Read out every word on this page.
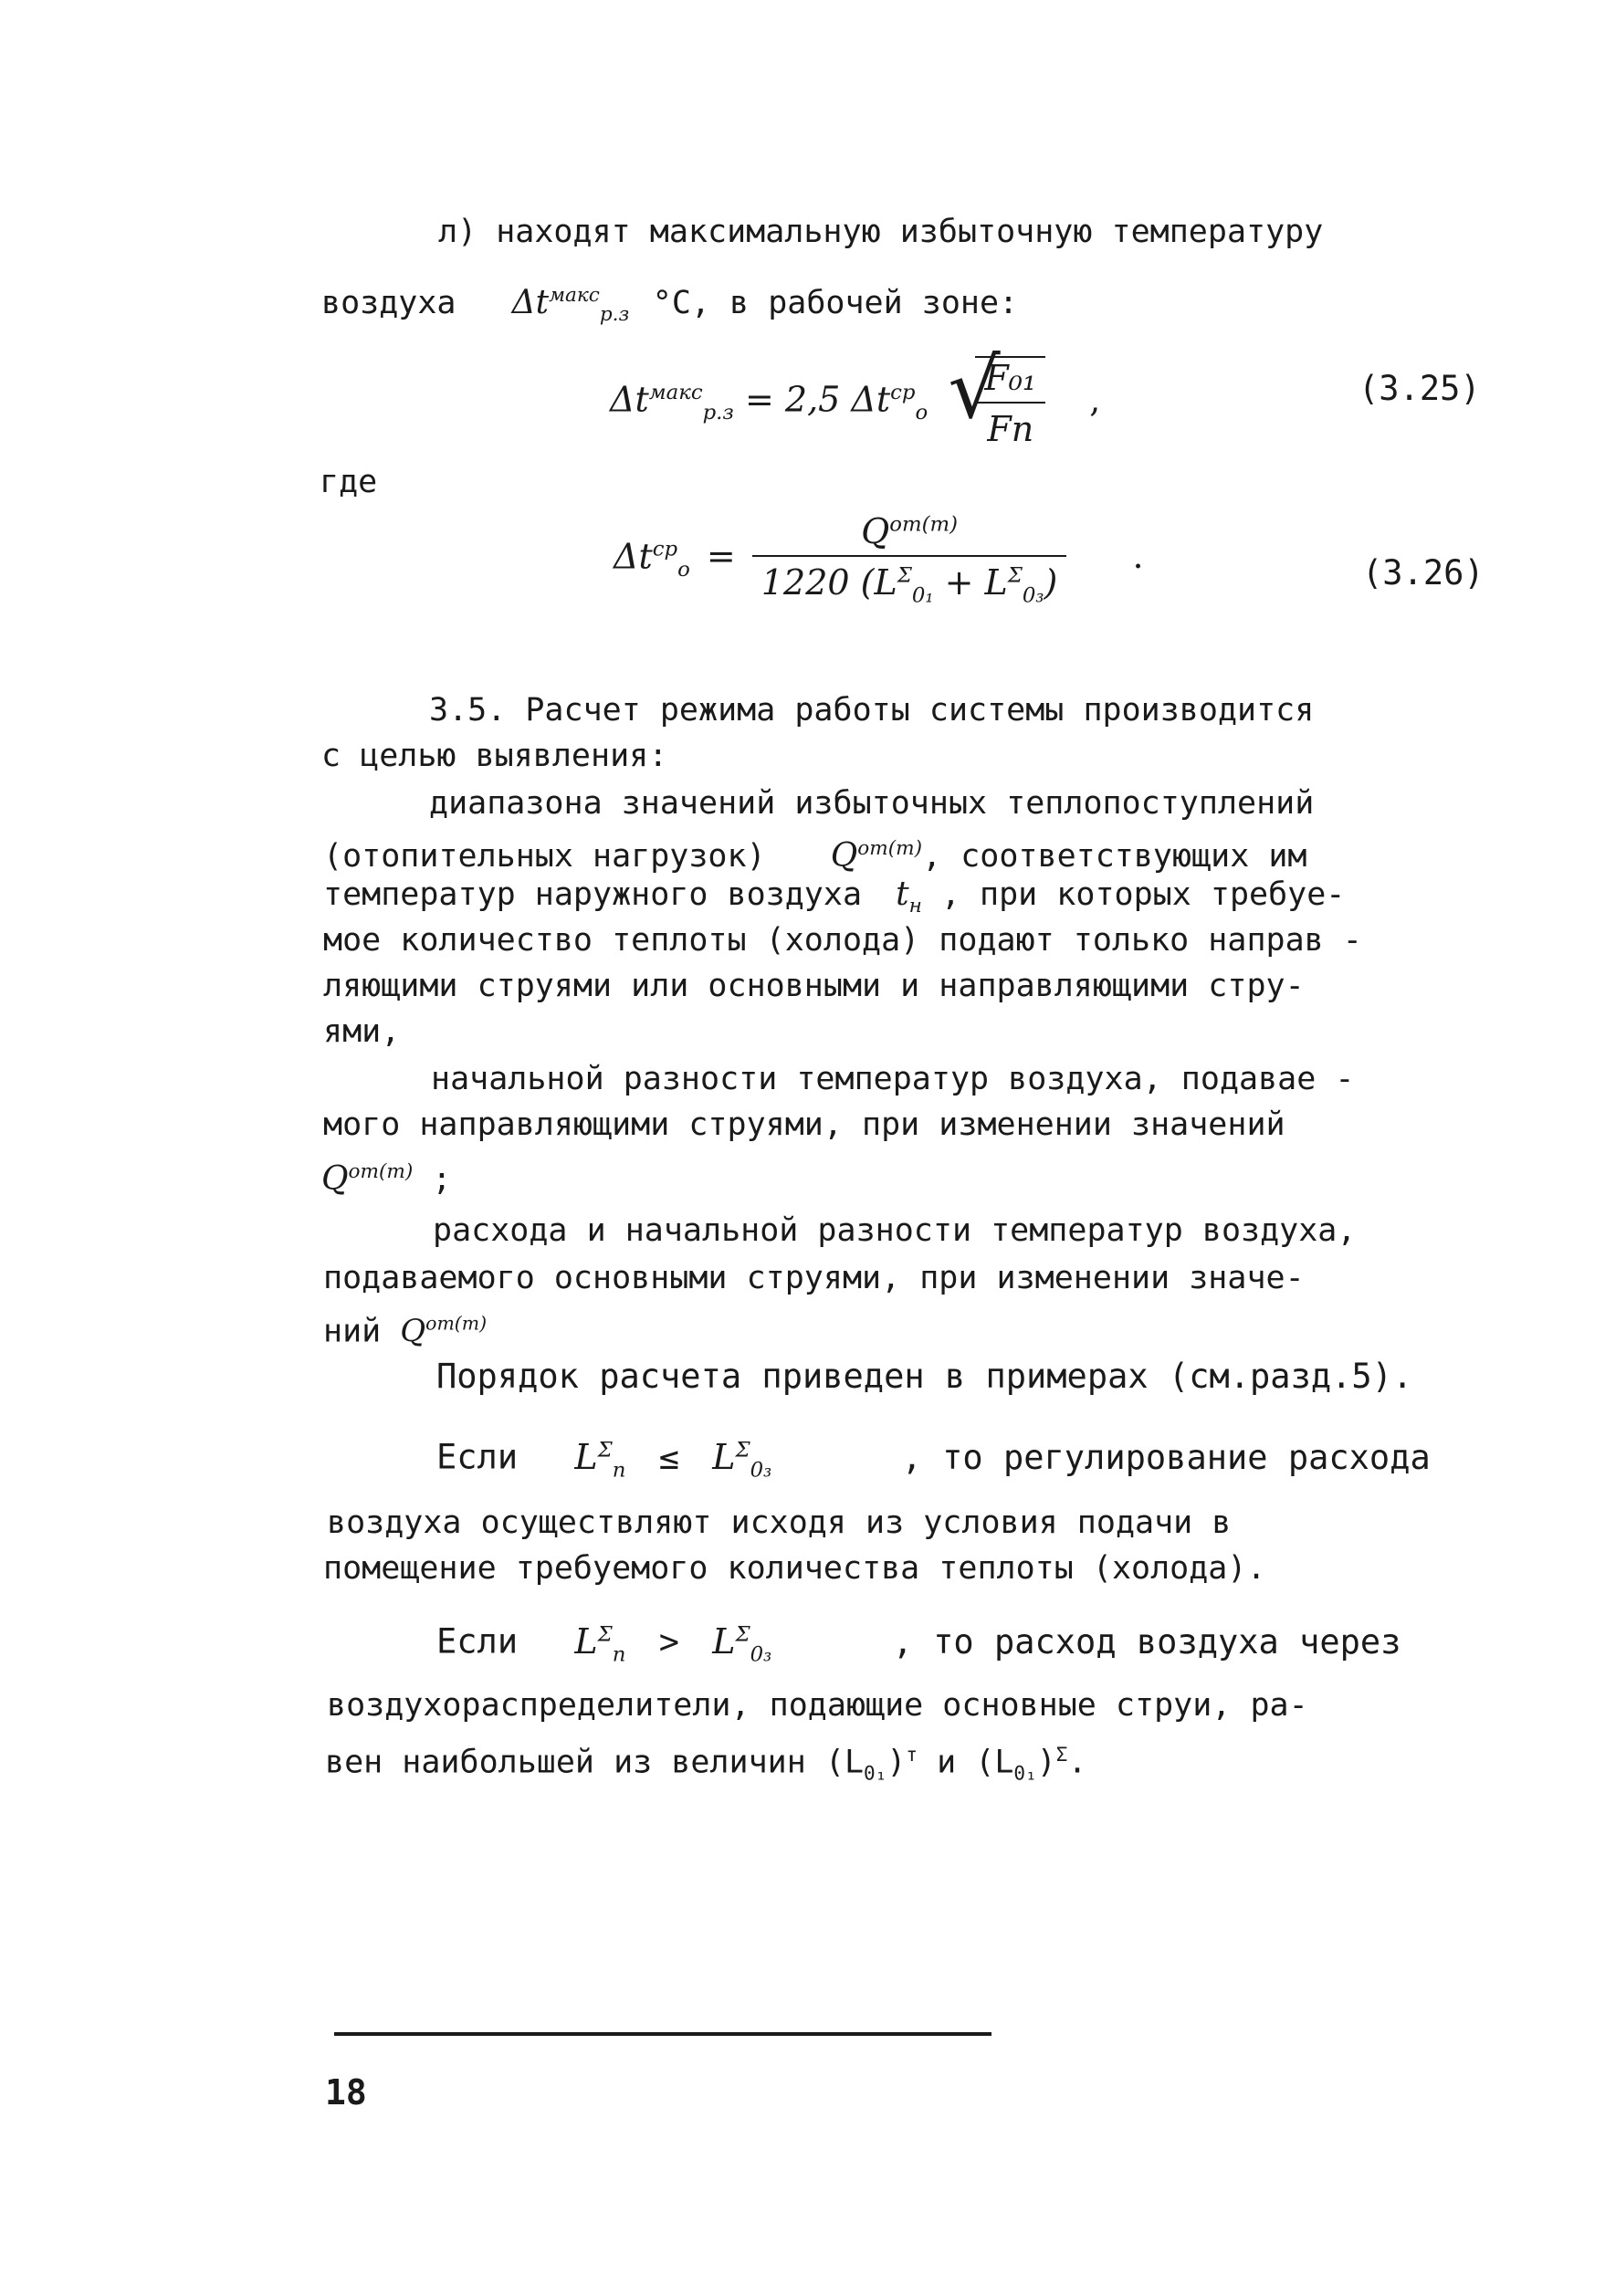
л) находят максимальную избыточную температуру
воздуха $\Delta t^{макс}_{р.з}$ °C, в рабочей зоне:
$\Delta t^{макс}_{р.з} = 2,5$ $\Delta t^{ср}_о$
√ $\frac{\text{F₀₁}}{Fп}$ ,	(3.25)
где
$\Delta t^{ср}_о = \frac{Q^{от(т)}}{1220 (L^\Sigma_{0_1} + L^\Sigma_{0_3})}$ .	(3.26)
3.5. Расчет режима работы системы производится
с целью выявления:
диапазона значений избыточных теплопоступлений
(отопительных нагрузок) $Q^{от(т)}$, соответствующих им
температур наружного воздуха $t_н$ , при которых требуе-
мое количество теплоты (холода) подают только направ -
ляющими струями или основными и направляющими стру-
ями,
начальной разности температур воздуха, подавае -
мого направляющими струями, при изменении значений
$Q^{от(т)}$ ;
расхода и начальной разности температур воздуха,
подаваемого основными струями, при изменении значе-
ний $Q^{от(т)}$
Порядок расчета приведен в примерах (см.разд.5).
Если $L^\Sigma_п \le L^\Sigma_{0_3}$	, то регулирование расхода
воздуха осуществляют исходя из условия подачи в
помещение требуемого количества теплоты (холода).
Если $L^\Sigma_п > L^\Sigma_{0_3}$	, то расход воздуха через
воздухораспределители, подающие основные струи, ра-
вен наибольшей из величин $(L_{0_1})^т$ и $(L_{0_1})^\Sigma$.
18
